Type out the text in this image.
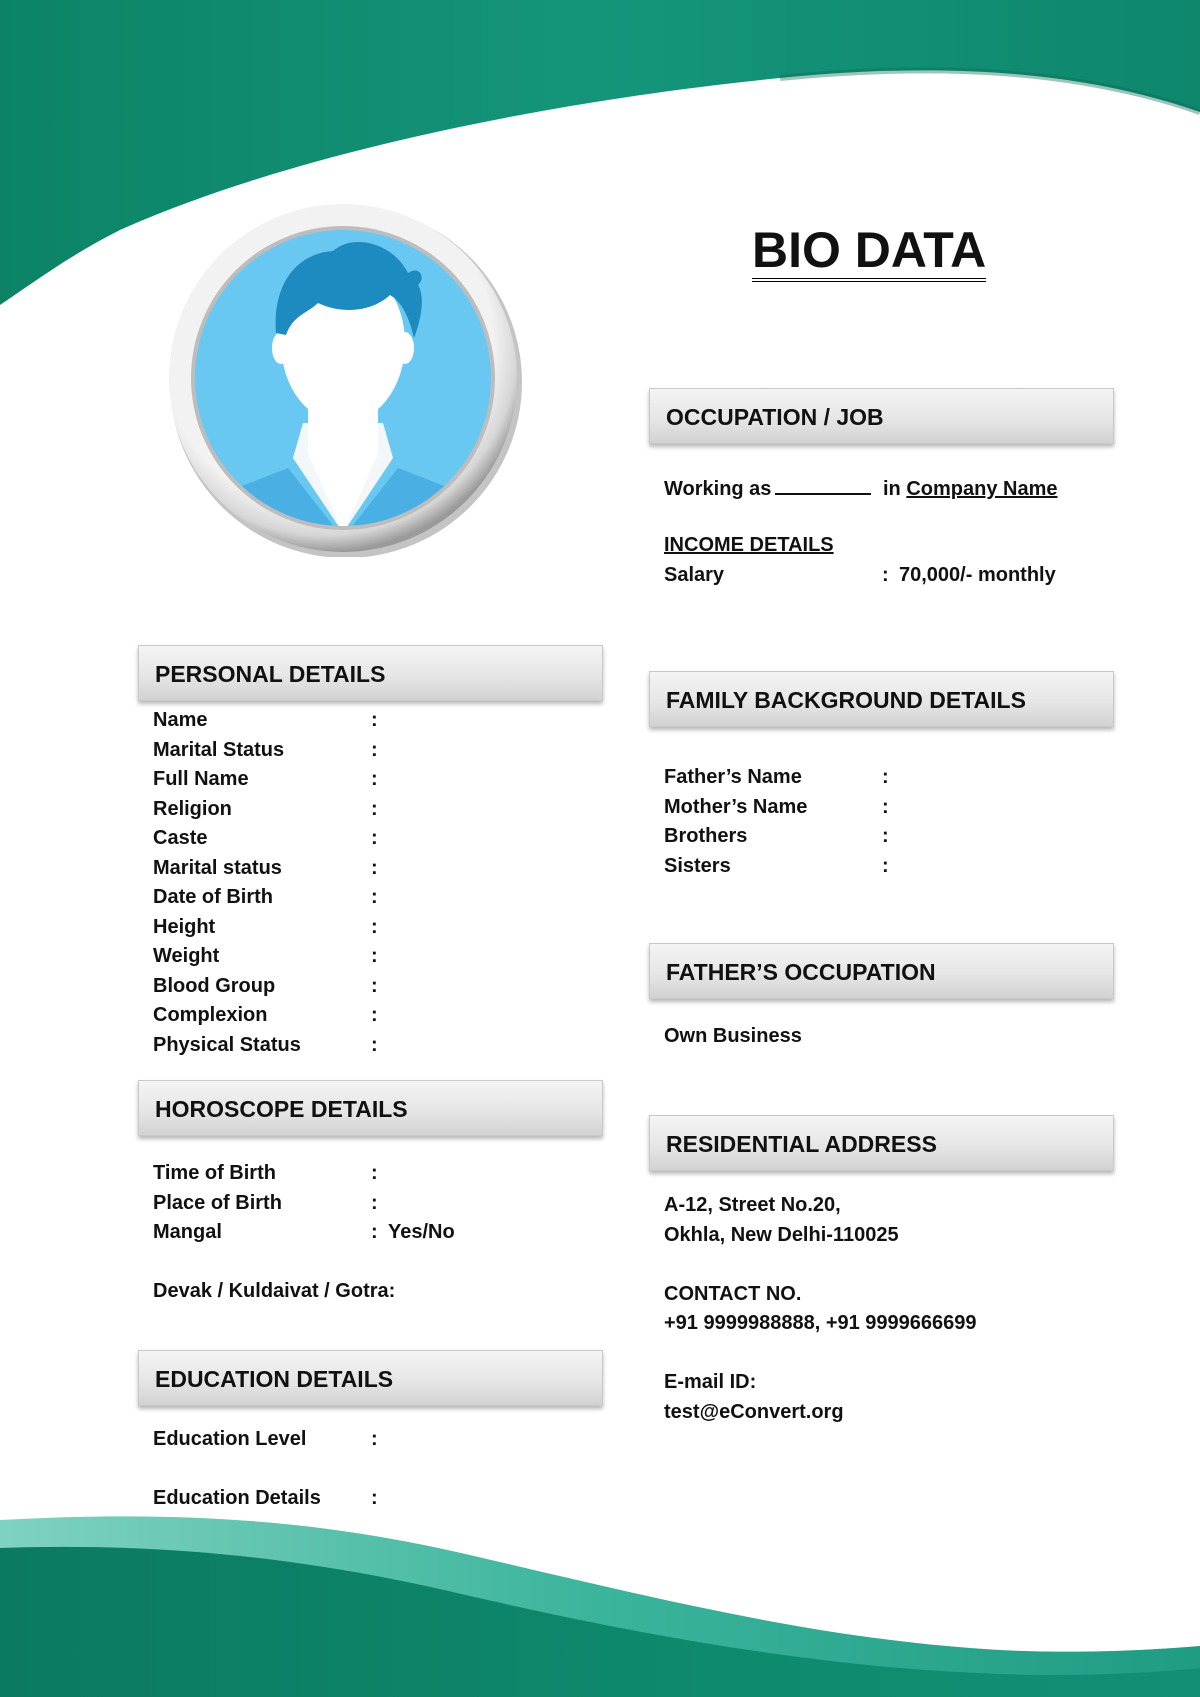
BIO DATA
PERSONAL DETAILS
Name	:
Marital Status	:
Full Name	:
Religion	:
Caste	:
Marital status	:
Date of Birth	:
Height	:
Weight	:
Blood Group	:
Complexion	:
Physical Status	:
HOROSCOPE DETAILS
Time of Birth	:
Place of Birth	:
Mangal	: Yes/No
Devak / Kuldaivat / Gotra:
EDUCATION DETAILS
Education Level	:
Education Details	:
OCCUPATION / JOB
Working as	in Company Name
INCOME DETAILS
Salary	: 70,000/- monthly
FAMILY BACKGROUND DETAILS
Father’s Name	:
Mother’s Name	:
Brothers	:
Sisters	:
FATHER’S OCCUPATION
Own Business
RESIDENTIAL ADDRESS
A-12, Street No.20,
Okhla, New Delhi-110025
CONTACT NO.
+91 9999988888, +91 9999666699
E-mail ID:
test@eConvert.org
